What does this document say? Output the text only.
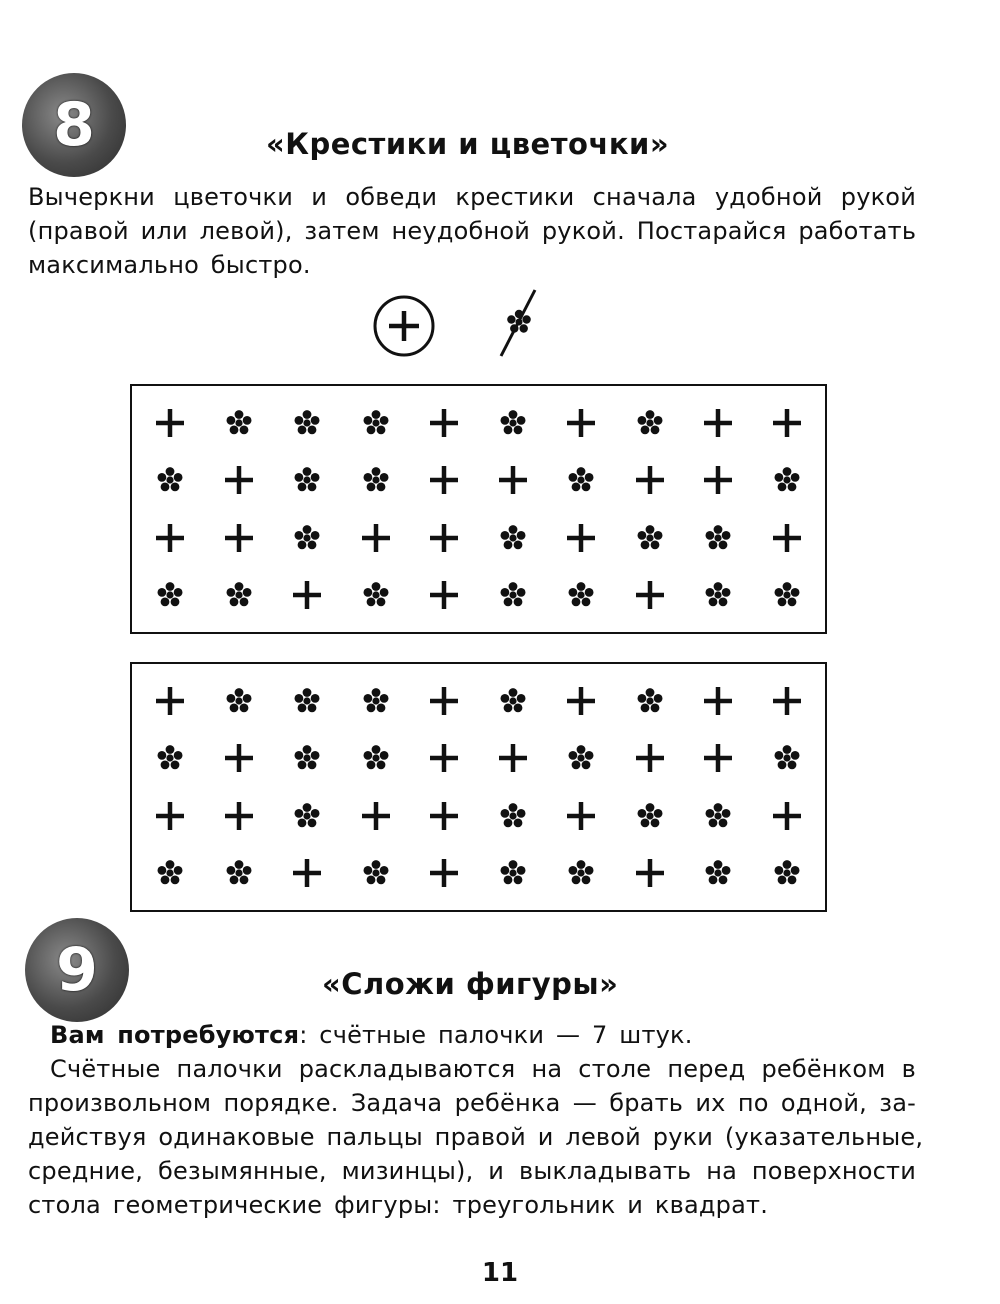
8	«Крестики и цветочки»
Вычеркни цветочки и обведи крестики сначала удобной рукой
(правой или левой), затем неудобной рукой. Постарайся работать
максимально быстро.
9	«Сложи фигуры»
Вам потребуются: счётные палочки — 7 штук.
Счётные палочки раскладываются на столе перед ребёнком в
произвольном порядке. Задача ребёнка — брать их по одной, за-
действуя одинаковые пальцы правой и левой руки (указательные,
средние, безымянные, мизинцы), и выкладывать на поверхности
стола геометрические фигуры: треугольник и квадрат.
11
